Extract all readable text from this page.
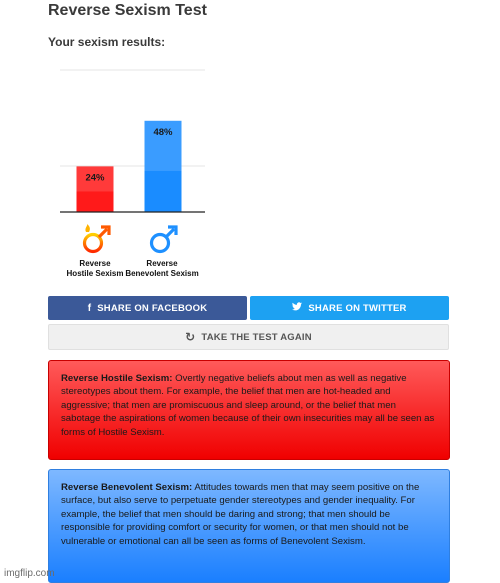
Reverse Sexism Test
Your sexism results:
24%
48%
Reverse
Hostile Sexism
Reverse
Benevolent Sexism
f SHARE ON FACEBOOK	SHARE ON TWITTER
↻ TAKE THE TEST AGAIN
Reverse Hostile Sexism: Overtly negative beliefs about men as well as negative stereotypes about them. For example, the belief that men are hot-headed and aggressive; that men are promiscuous and sleep around, or the belief that men sabotage the aspirations of women because of their own insecurities may all be seen as forms of Hostile Sexism.
Reverse Benevolent Sexism: Attitudes towards men that may seem positive on the surface, but also serve to perpetuate gender stereotypes and gender inequality. For example, the belief that men should be daring and strong; that men should be responsible for providing comfort or security for women, or that men should not be vulnerable or emotional can all be seen as forms of Benevolent Sexism.
imgflip.com
